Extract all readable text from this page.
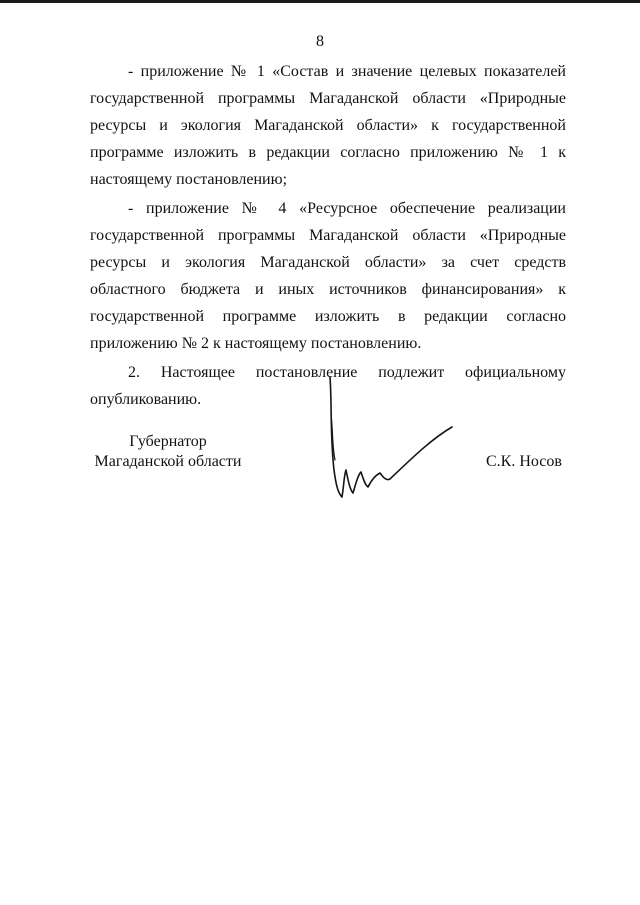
8

- приложение № 1 «Состав и значение целевых показателей государственной программы Магаданской области «Природные ресурсы и экология Магаданской области» к государственной программе изложить в редакции согласно приложению № 1 к настоящему постановлению;

- приложение № 4 «Ресурсное обеспечение реализации государственной программы Магаданской области «Природные ресурсы и экология Магаданской области» за счет средств областного бюджета и иных источников финансирования» к государственной программе изложить в редакции согласно приложению № 2 к настоящему постановлению.

2. Настоящее постановление подлежит официальному опубликованию.

Губернатор
Магаданской области	С.К. Носов
